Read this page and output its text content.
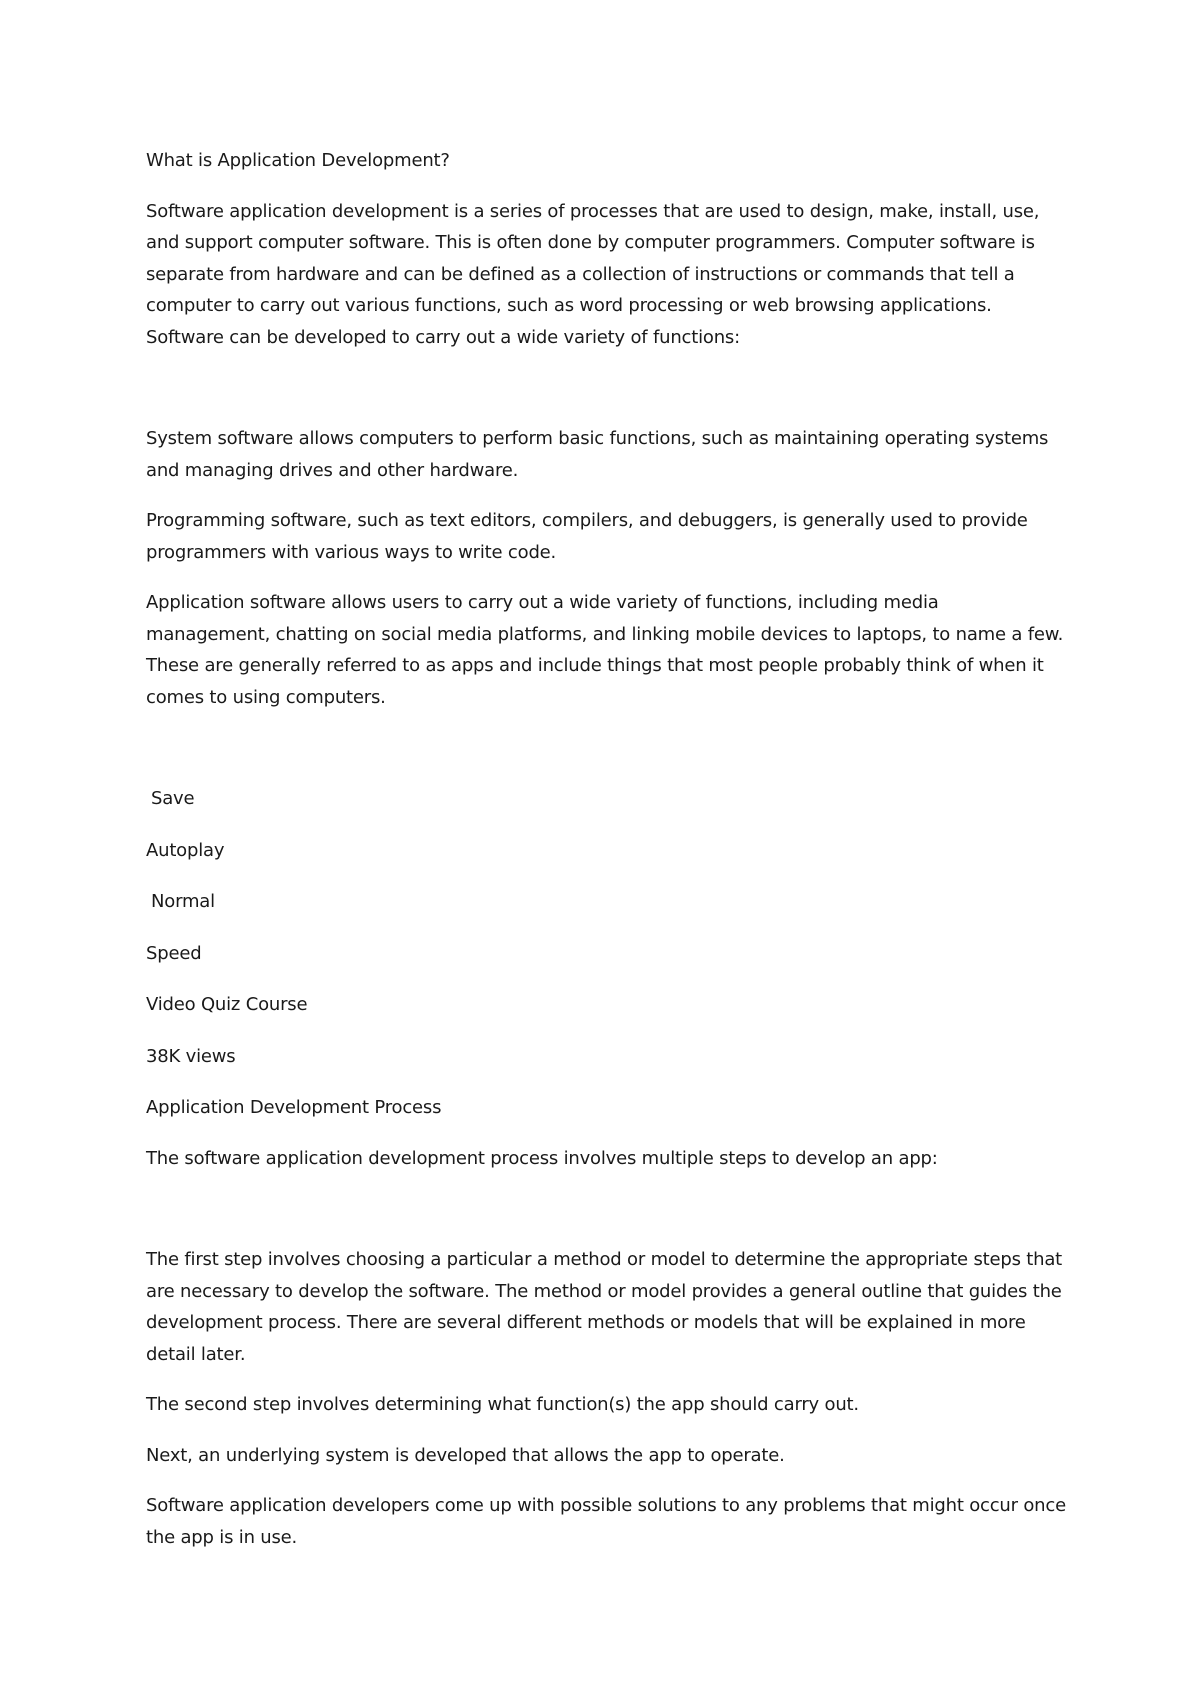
What is Application Development?

Software application development is a series of processes that are used to design, make, install, use, and support computer software. This is often done by computer programmers. Computer software is separate from hardware and can be defined as a collection of instructions or commands that tell a computer to carry out various functions, such as word processing or web browsing applications. Software can be developed to carry out a wide variety of functions:

System software allows computers to perform basic functions, such as maintaining operating systems and managing drives and other hardware.

Programming software, such as text editors, compilers, and debuggers, is generally used to provide programmers with various ways to write code.

Application software allows users to carry out a wide variety of functions, including media management, chatting on social media platforms, and linking mobile devices to laptops, to name a few. These are generally referred to as apps and include things that most people probably think of when it comes to using computers.

Save

Autoplay

Normal

Speed

Video Quiz Course

38K views

Application Development Process

The software application development process involves multiple steps to develop an app:

The first step involves choosing a particular a method or model to determine the appropriate steps that are necessary to develop the software. The method or model provides a general outline that guides the development process. There are several different methods or models that will be explained in more detail later.

The second step involves determining what function(s) the app should carry out.

Next, an underlying system is developed that allows the app to operate.

Software application developers come up with possible solutions to any problems that might occur once the app is in use.
